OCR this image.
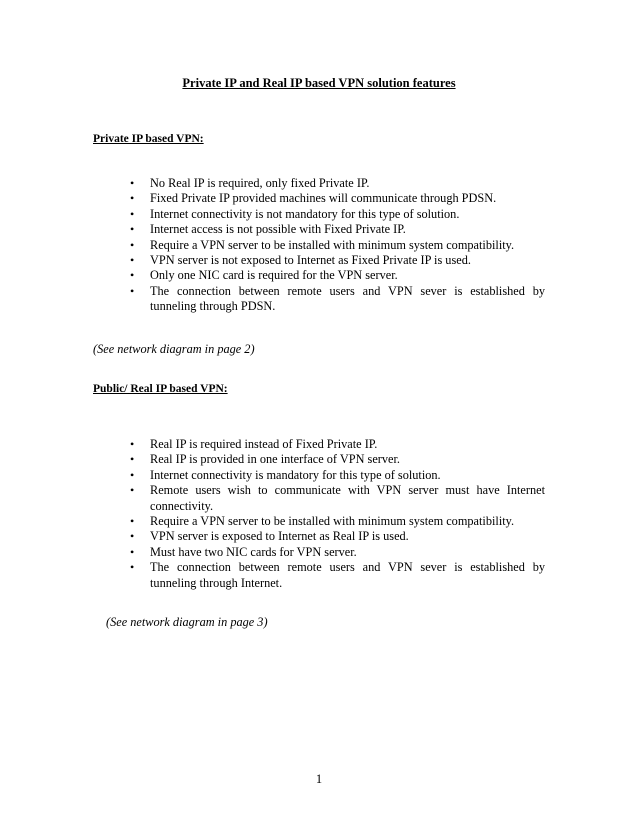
Private IP and Real IP based VPN solution features
Private IP based VPN:
•	No Real IP is required, only fixed Private IP.
•	Fixed Private IP provided machines will communicate through PDSN.
•	Internet connectivity is not mandatory for this type of solution.
•	Internet access is not possible with Fixed Private IP.
•	Require a VPN server to be installed with minimum system compatibility.
•	VPN server is not exposed to Internet as Fixed Private IP is used.
•	Only one NIC card is required for the VPN server.
•	The connection between remote users and VPN sever is established by tunneling through PDSN.
(See network diagram in page 2)
Public/ Real IP based VPN:
•	Real IP is required instead of Fixed Private IP.
•	Real IP is provided in one interface of VPN server.
•	Internet connectivity is mandatory for this type of solution.
•	Remote users wish to communicate with VPN server must have Internet connectivity.
•	Require a VPN server to be installed with minimum system compatibility.
•	VPN server is exposed to Internet as Real IP is used.
•	Must have two NIC cards for VPN server.
•	The connection between remote users and VPN sever is established by tunneling through Internet.
(See network diagram in page 3)
1
